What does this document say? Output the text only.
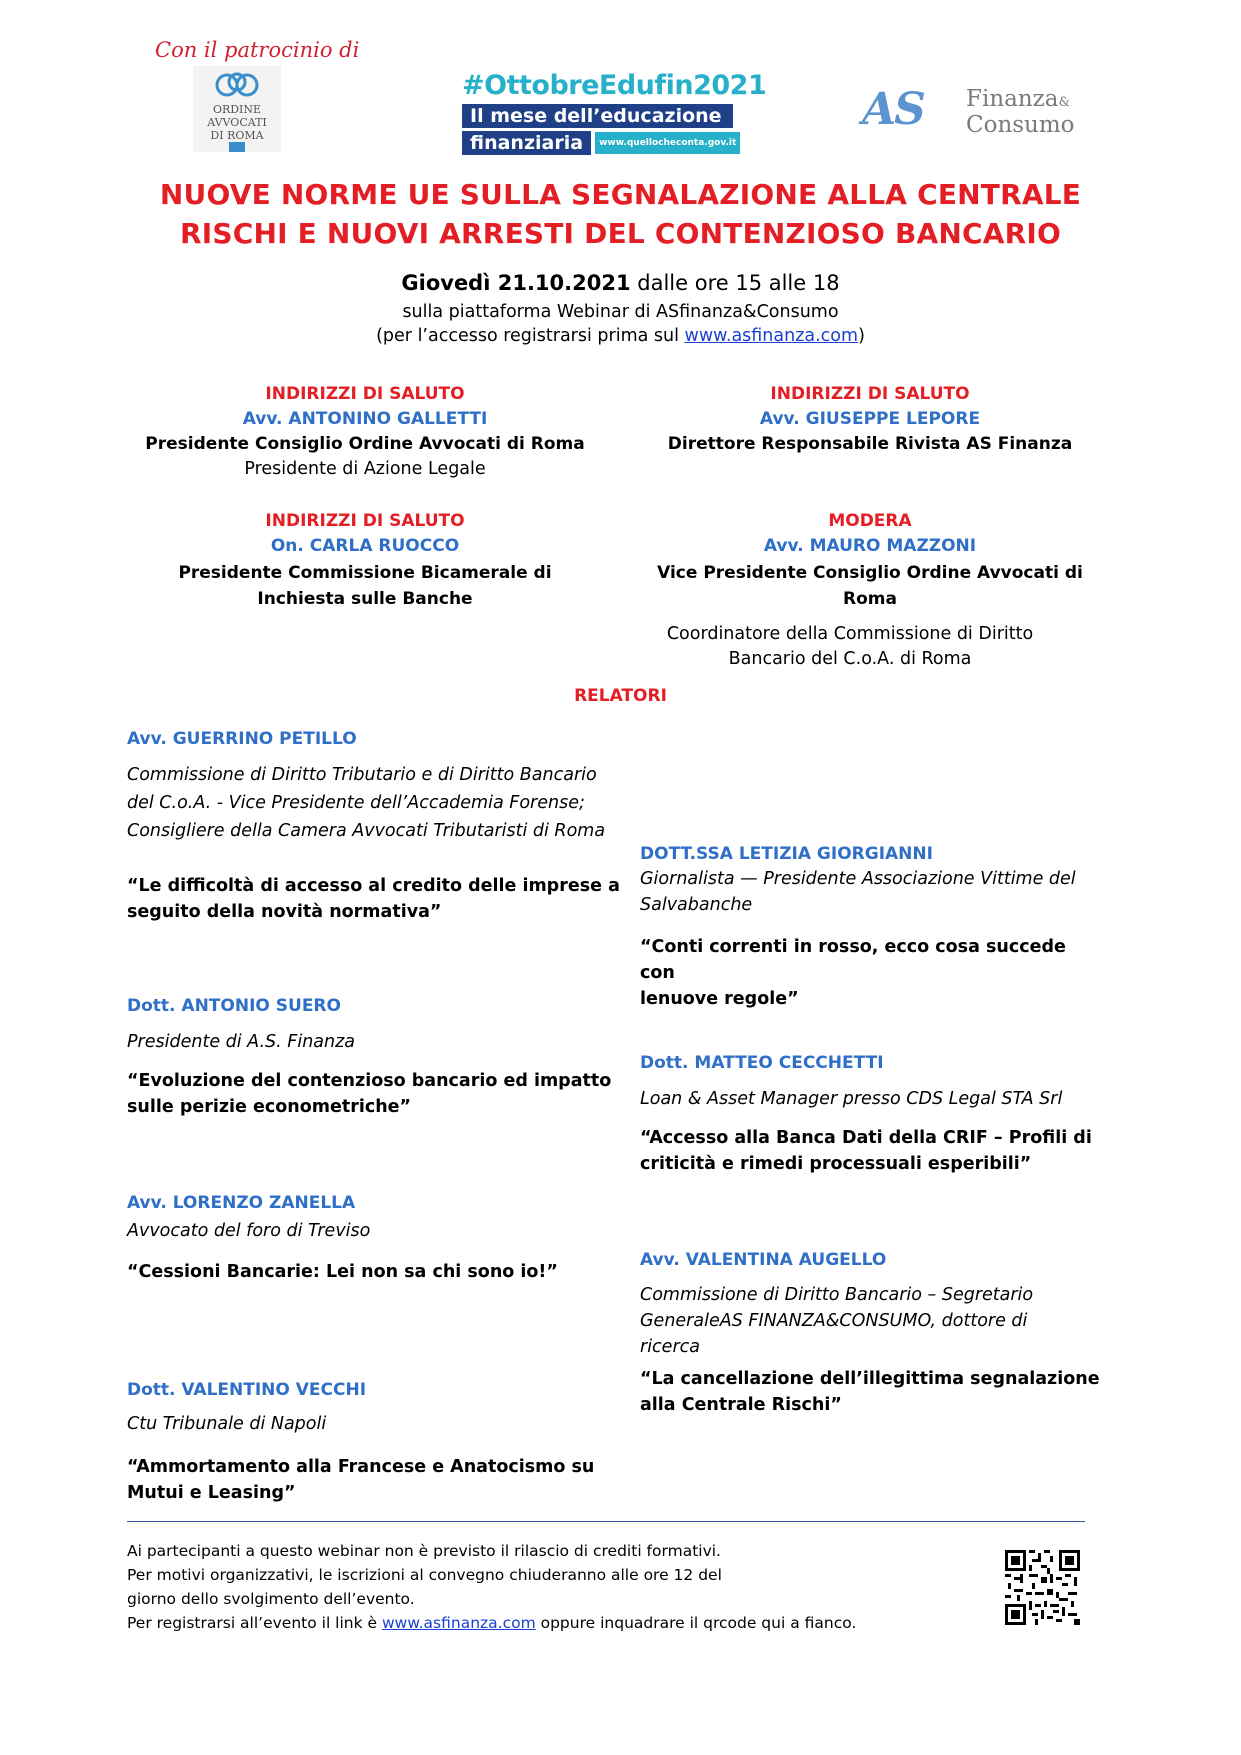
Con il patrocinio di
ORDINE
AVVOCATI
DI ROMA
#OttobreEdufin2021
Il mese dell’educazione
finanziaria	www.quellocheconta.gov.it
AS Finanza&
Consumo
NUOVE NORME UE SULLA SEGNALAZIONE ALLA CENTRALE
RISCHI E NUOVI ARRESTI DEL CONTENZIOSO BANCARIO
Giovedì 21.10.2021 dalle ore 15 alle 18
sulla piattaforma Webinar di ASfinanza&Consumo
(per l’accesso registrarsi prima sul www.asfinanza.com)
INDIRIZZI DI SALUTO
Avv. ANTONINO GALLETTI
Presidente Consiglio Ordine Avvocati di Roma
Presidente di Azione Legale
INDIRIZZI DI SALUTO
Avv. GIUSEPPE LEPORE
Direttore Responsabile Rivista AS Finanza
INDIRIZZI DI SALUTO
On. CARLA RUOCCO
Presidente Commissione Bicamerale di
Inchiesta sulle Banche
MODERA
Avv. MAURO MAZZONI
Vice Presidente Consiglio Ordine Avvocati di
Roma
Coordinatore della Commissione di Diritto
Bancario del C.o.A. di Roma
RELATORI
Avv. GUERRINO PETILLO
Commissione di Diritto Tributario e di Diritto Bancario
del C.o.A. - Vice Presidente dell’Accademia Forense;
Consigliere della Camera Avvocati Tributaristi di Roma
“Le difficoltà di accesso al credito delle imprese a
seguito della novità normativa”
Dott. ANTONIO SUERO
Presidente di A.S. Finanza
“Evoluzione del contenzioso bancario ed impatto
sulle perizie econometriche”
Avv. LORENZO ZANELLA
Avvocato del foro di Treviso
“Cessioni Bancarie: Lei non sa chi sono io!”
Dott. VALENTINO VECCHI
Ctu Tribunale di Napoli
“Ammortamento alla Francese e Anatocismo su
Mutui e Leasing”
DOTT.SSA LETIZIA GIORGIANNI
Giornalista — Presidente Associazione Vittime del
Salvabanche
“Conti correnti in rosso, ecco cosa succede con
lenuove regole”
Dott. MATTEO CECCHETTI
Loan & Asset Manager presso CDS Legal STA Srl
“Accesso alla Banca Dati della CRIF – Profili di
criticità e rimedi processuali esperibili”
Avv. VALENTINA AUGELLO
Commissione di Diritto Bancario – Segretario
GeneraleAS FINANZA&CONSUMO, dottore di
ricerca
“La cancellazione dell’illegittima segnalazione
alla Centrale Rischi”
Ai partecipanti a questo webinar non è previsto il rilascio di crediti formativi.
Per motivi organizzativi, le iscrizioni al convegno chiuderanno alle ore 12 del
giorno dello svolgimento dell’evento.
Per registrarsi all’evento il link è www.asfinanza.com oppure inquadrare il qrcode qui a fianco.
